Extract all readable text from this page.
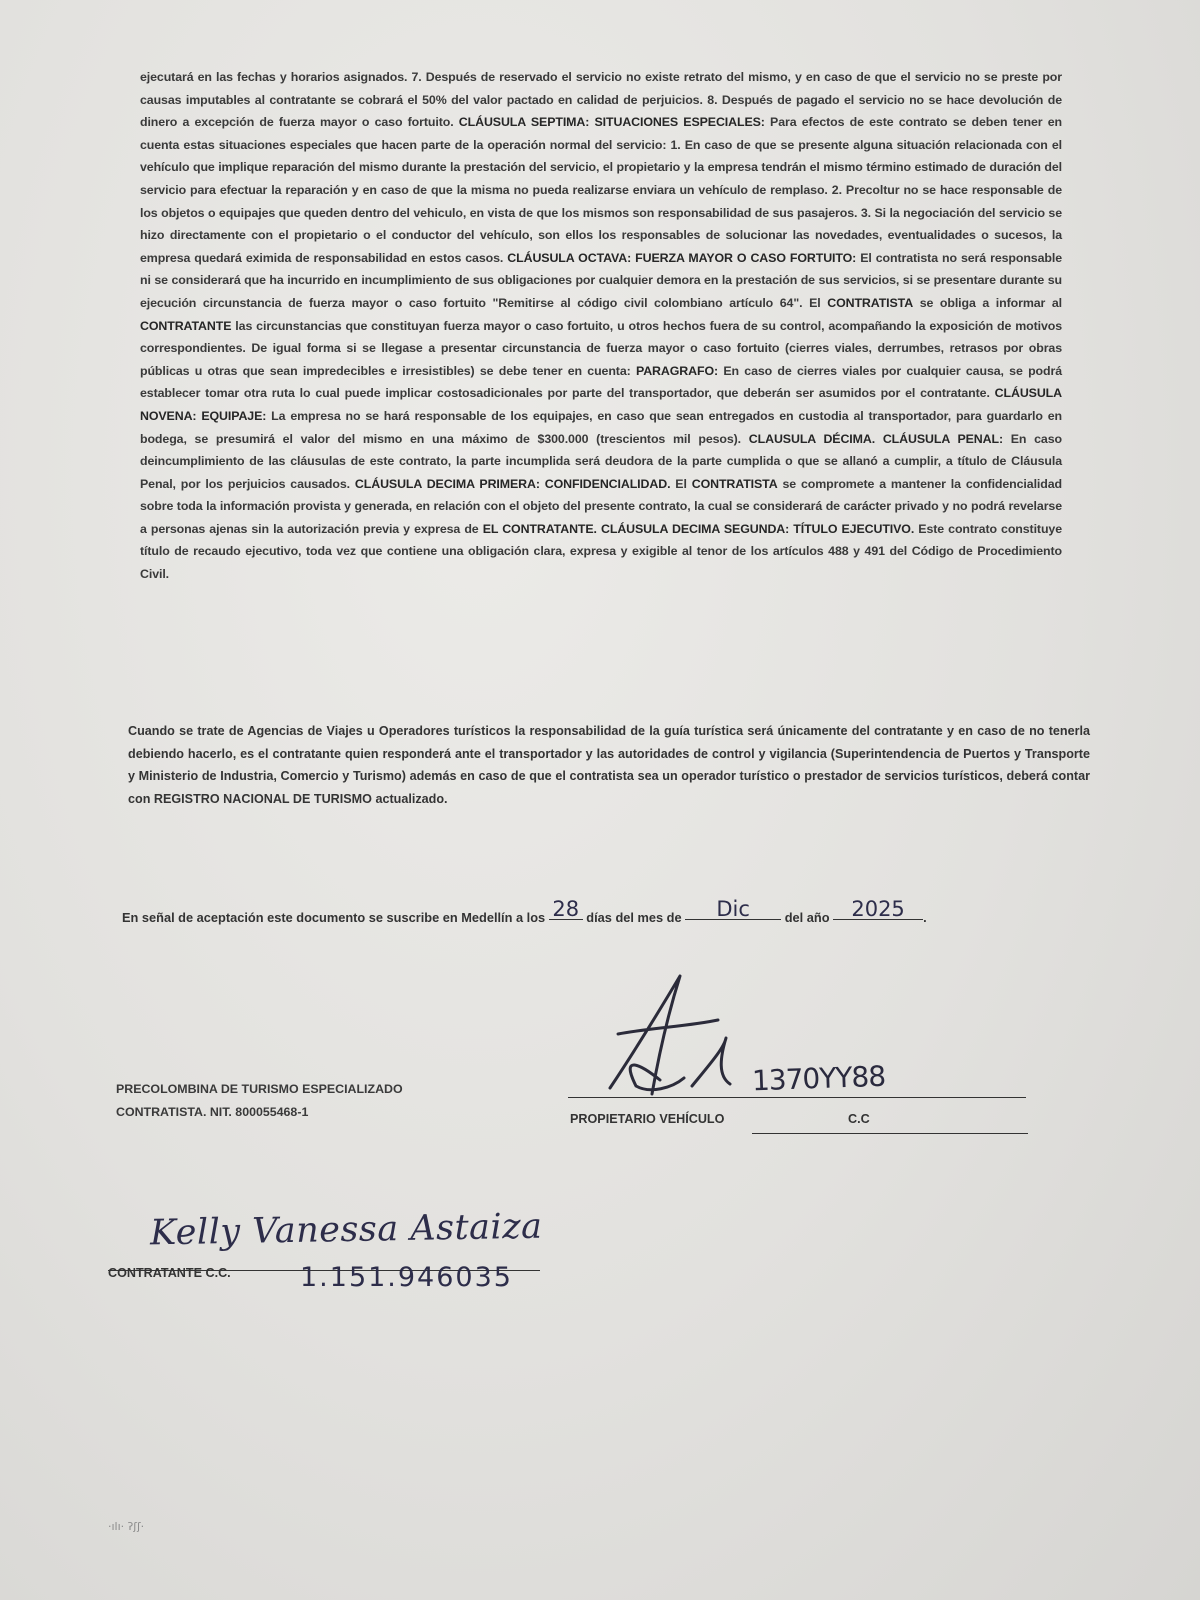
ejecutará en las fechas y horarios asignados. 7. Después de reservado el servicio no existe retrato del mismo, y en caso de que el servicio no se preste por causas imputables al contratante se cobrará el 50% del valor pactado en calidad de perjuicios. 8. Después de pagado el servicio no se hace devolución de dinero a excepción de fuerza mayor o caso fortuito. CLÁUSULA SEPTIMA: SITUACIONES ESPECIALES: Para efectos de este contrato se deben tener en cuenta estas situaciones especiales que hacen parte de la operación normal del servicio: 1. En caso de que se presente alguna situación relacionada con el vehículo que implique reparación del mismo durante la prestación del servicio, el propietario y la empresa tendrán el mismo término estimado de duración del servicio para efectuar la reparación y en caso de que la misma no pueda realizarse enviara un vehículo de remplaso. 2. Precoltur no se hace responsable de los objetos o equipajes que queden dentro del vehiculo, en vista de que los mismos son responsabilidad de sus pasajeros. 3. Si la negociación del servicio se hizo directamente con el propietario o el conductor del vehículo, son ellos los responsables de solucionar las novedades, eventualidades o sucesos, la empresa quedará eximida de responsabilidad en estos casos. CLÁUSULA OCTAVA: FUERZA MAYOR O CASO FORTUITO: El contratista no será responsable ni se considerará que ha incurrido en incumplimiento de sus obligaciones por cualquier demora en la prestación de sus servicios, si se presentare durante su ejecución circunstancia de fuerza mayor o caso fortuito "Remitirse al código civil colombiano artículo 64". El CONTRATISTA se obliga a informar al CONTRATANTE las circunstancias que constituyan fuerza mayor o caso fortuito, u otros hechos fuera de su control, acompañando la exposición de motivos correspondientes. De igual forma si se llegase a presentar circunstancia de fuerza mayor o caso fortuito (cierres viales, derrumbes, retrasos por obras públicas u otras que sean impredecibles e irresistibles) se debe tener en cuenta: PARAGRAFO: En caso de cierres viales por cualquier causa, se podrá establecer tomar otra ruta lo cual puede implicar costosadicionales por parte del transportador, que deberán ser asumidos por el contratante. CLÁUSULA NOVENA: EQUIPAJE: La empresa no se hará responsable de los equipajes, en caso que sean entregados en custodia al transportador, para guardarlo en bodega, se presumirá el valor del mismo en una máximo de $300.000 (trescientos mil pesos). CLAUSULA DÉCIMA. CLÁUSULA PENAL: En caso deincumplimiento de las cláusulas de este contrato, la parte incumplida será deudora de la parte cumplida o que se allanó a cumplir, a título de Cláusula Penal, por los perjuicios causados. CLÁUSULA DECIMA PRIMERA: CONFIDENCIALIDAD. El CONTRATISTA se compromete a mantener la confidencialidad sobre toda la información provista y generada, en relación con el objeto del presente contrato, la cual se considerará de carácter privado y no podrá revelarse a personas ajenas sin la autorización previa y expresa de EL CONTRATANTE. CLÁUSULA DECIMA SEGUNDA: TÍTULO EJECUTIVO. Este contrato constituye título de recaudo ejecutivo, toda vez que contiene una obligación clara, expresa y exigible al tenor de los artículos 488 y 491 del Código de Procedimiento Civil.
Cuando se trate de Agencias de Viajes u Operadores turísticos la responsabilidad de la guía turística será únicamente del contratante y en caso de no tenerla debiendo hacerlo, es el contratante quien responderá ante el transportador y las autoridades de control y vigilancia (Superintendencia de Puertos y Transporte y Ministerio de Industria, Comercio y Turismo) además en caso de que el contratista sea un operador turístico o prestador de servicios turísticos, deberá contar con REGISTRO NACIONAL DE TURISMO actualizado.
En señal de aceptación este documento se suscribe en Medellín a los 28 días del mes de Dic	del año 2025 .
PRECOLOMBINA DE TURISMO ESPECIALIZADO
CONTRATISTA. NIT. 800055468-1
1370YY88
PROPIETARIO VEHÍCULO	C.C
Kelly Vanessa Astaiza
CONTRATANTE C.C.	1.151.946035
·ılı· ʔʃʃ·
